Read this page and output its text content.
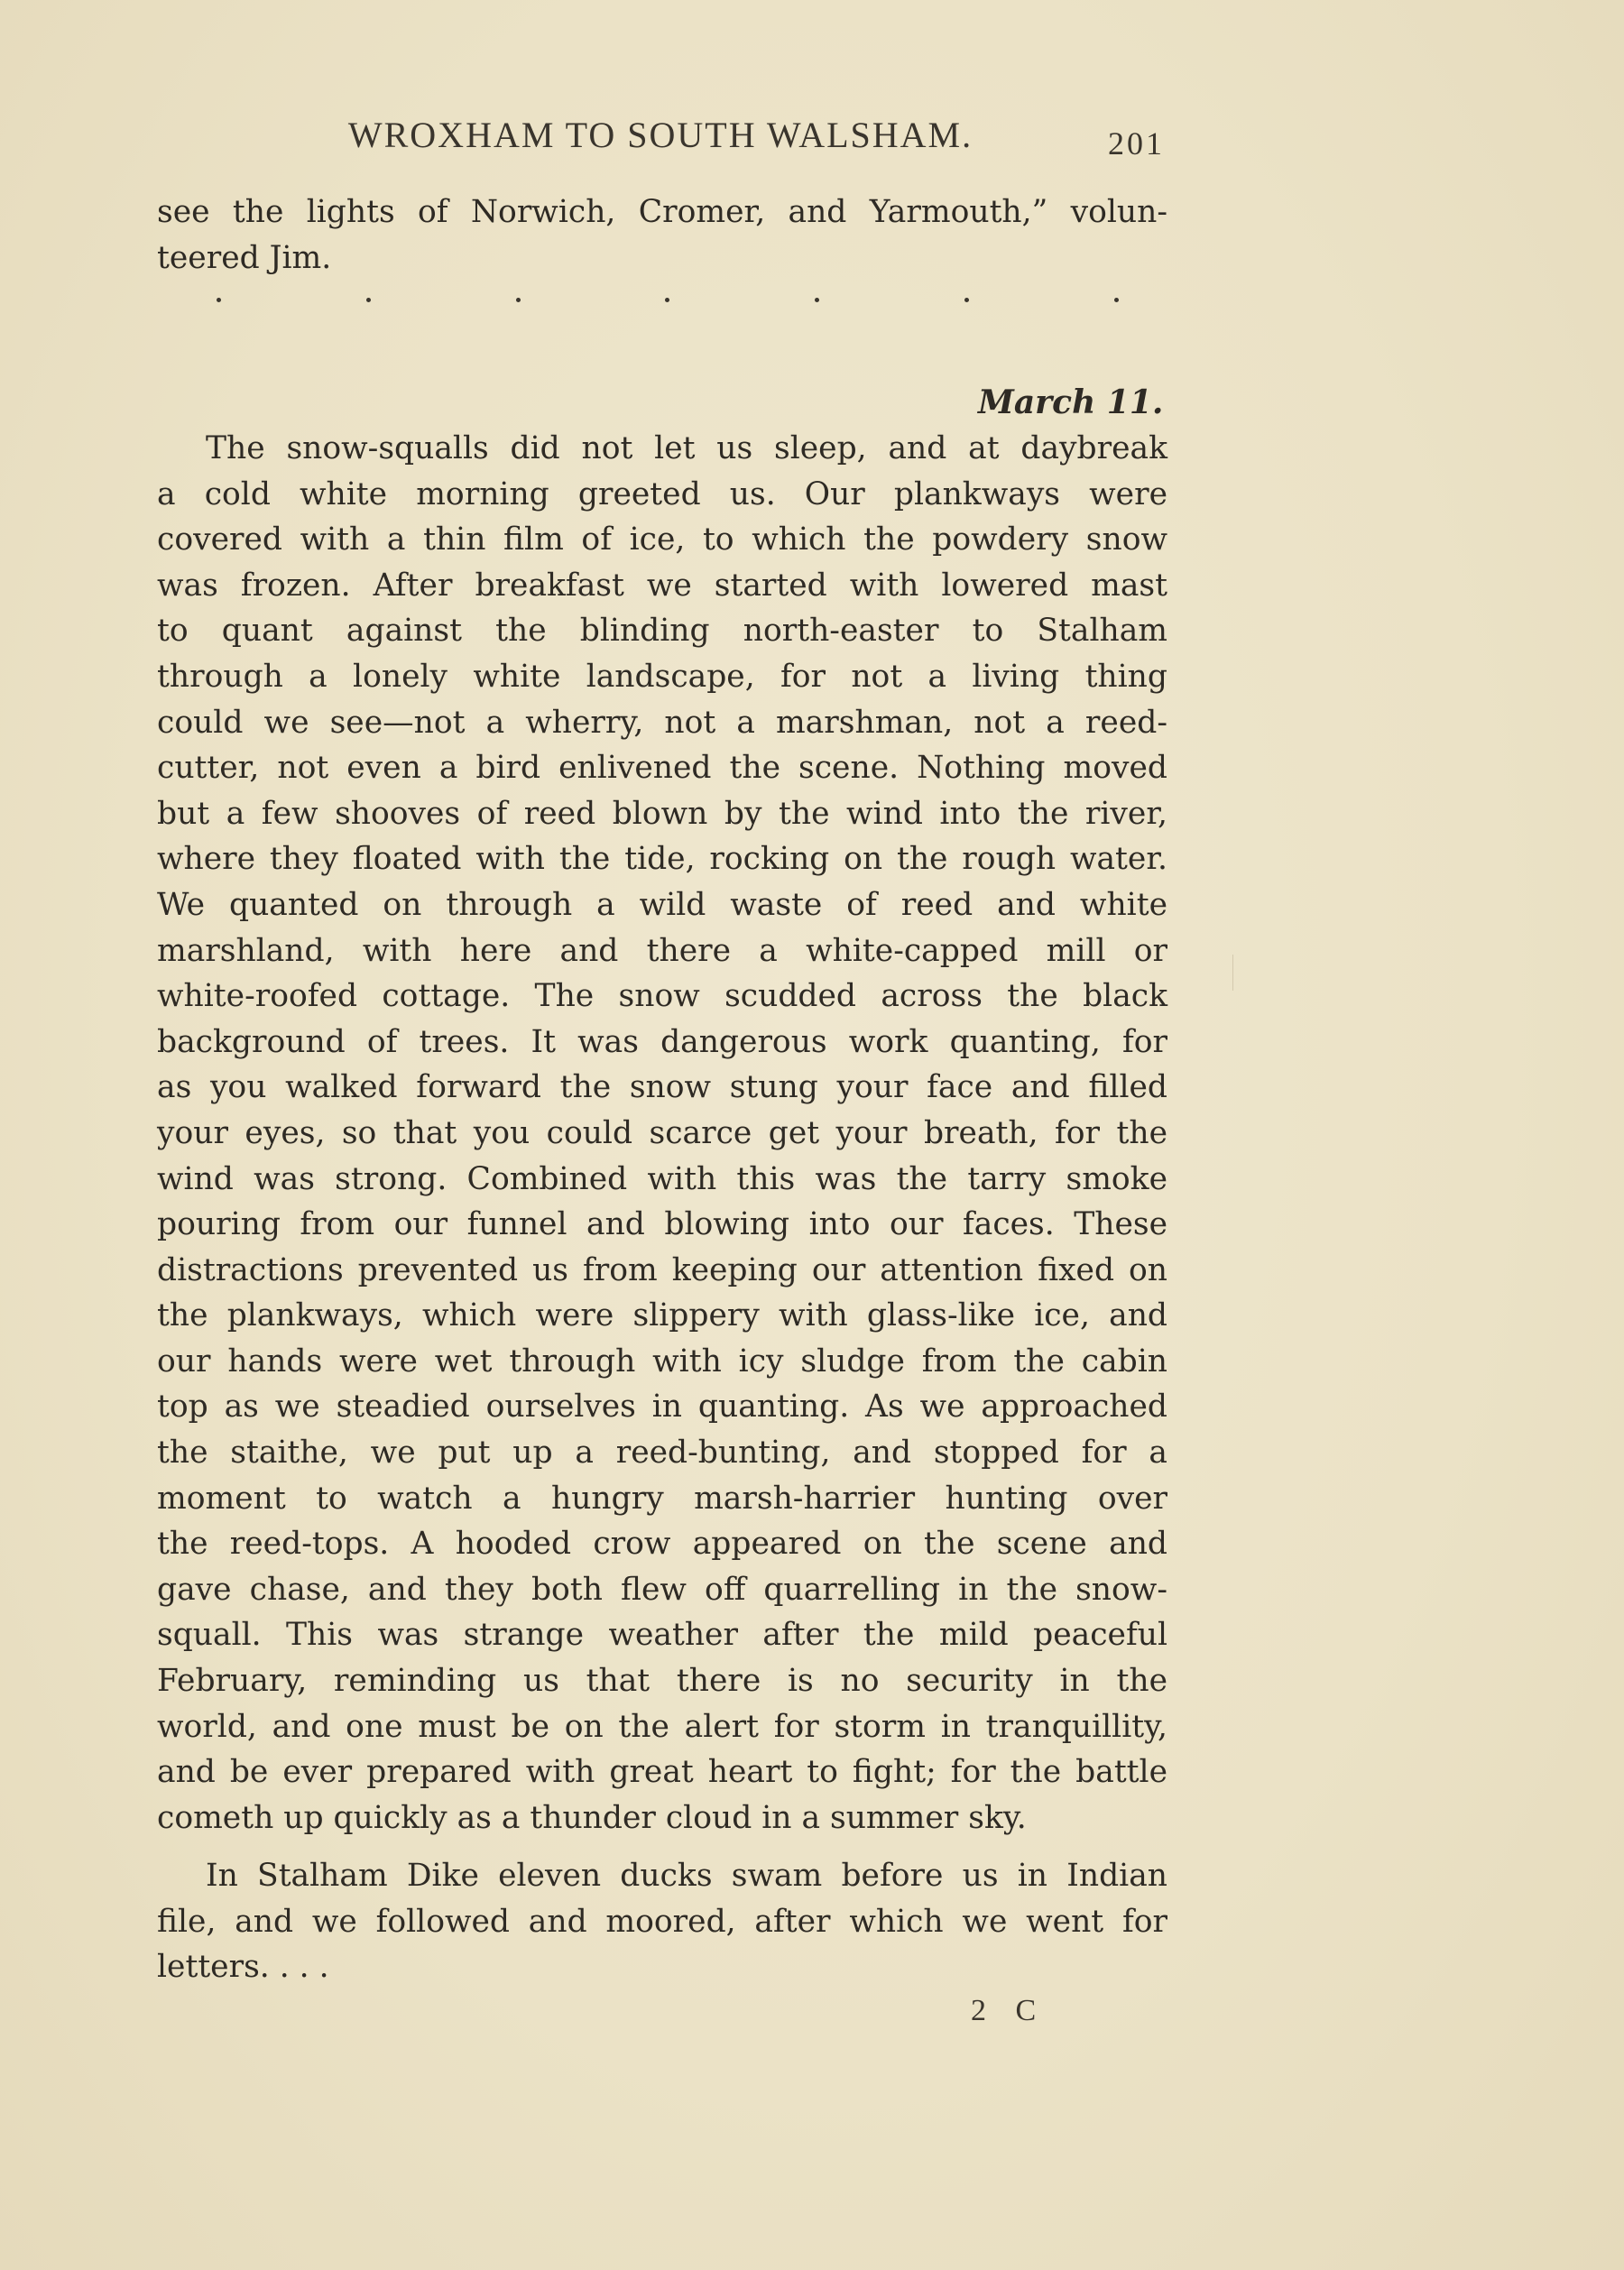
WROXHAM TO SOUTH WALSHAM.	201
see the lights of Norwich, Cromer, and Yarmouth,” volun-
teered Jim.
March 11.
The snow-squalls did not let us sleep, and at daybreak
a cold white morning greeted us. Our plankways were
covered with a thin film of ice, to which the powdery snow
was frozen. After breakfast we started with lowered mast
to quant against the blinding north-easter to Stalham
through a lonely white landscape, for not a living thing
could we see—not a wherry, not a marshman, not a reed-
cutter, not even a bird enlivened the scene. Nothing moved
but a few shooves of reed blown by the wind into the river,
where they floated with the tide, rocking on the rough water.
We quanted on through a wild waste of reed and white
marshland, with here and there a white-capped mill or
white-roofed cottage. The snow scudded across the black
background of trees. It was dangerous work quanting, for
as you walked forward the snow stung your face and filled
your eyes, so that you could scarce get your breath, for the
wind was strong. Combined with this was the tarry smoke
pouring from our funnel and blowing into our faces. These
distractions prevented us from keeping our attention fixed on
the plankways, which were slippery with glass-like ice, and
our hands were wet through with icy sludge from the cabin
top as we steadied ourselves in quanting. As we approached
the staithe, we put up a reed-bunting, and stopped for a
moment to watch a hungry marsh-harrier hunting over
the reed-tops. A hooded crow appeared on the scene and
gave chase, and they both flew off quarrelling in the snow-
squall. This was strange weather after the mild peaceful
February, reminding us that there is no security in the
world, and one must be on the alert for storm in tranquillity,
and be ever prepared with great heart to fight; for the battle
cometh up quickly as a thunder cloud in a summer sky.
In Stalham Dike eleven ducks swam before us in Indian
file, and we followed and moored, after which we went for
letters. . . .
2 C
